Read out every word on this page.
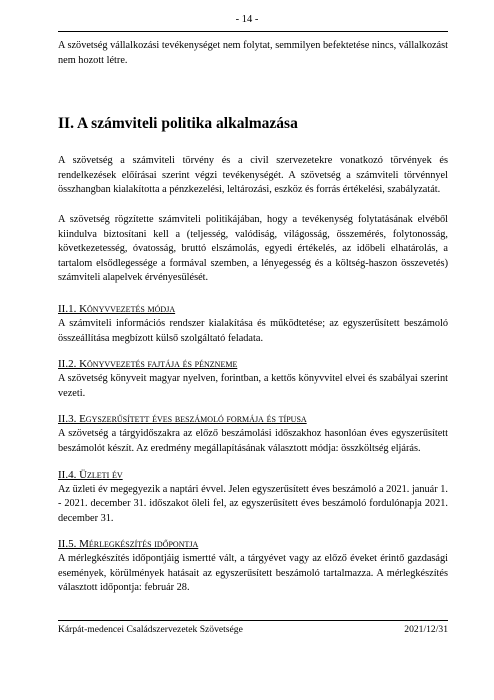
- 14 -

A szövetség vállalkozási tevékenységet nem folytat, semmilyen befektetése nincs, vállalkozást nem hozott létre.

II. A számviteli politika alkalmazása

A szövetség a számviteli törvény és a civil szervezetekre vonatkozó törvények és rendelkezések előírásai szerint végzi tevékenységét. A szövetség a számviteli törvénnyel összhangban kialakította a pénzkezelési, leltározási, eszköz és forrás értékelési, szabályzatát.

A szövetség rögzítette számviteli politikájában, hogy a tevékenység folytatásának elvéből kiindulva biztosítani kell a (teljesség, valódiság, világosság, összemérés, folytonosság, következetesség, óvatosság, bruttó elszámolás, egyedi értékelés, az időbeli elhatárolás, a tartalom elsődlegessége a formával szemben, a lényegesség és a költség-haszon összevetés) számviteli alapelvek érvényesülését.

II.1. Könyvvezetés módja

A számviteli információs rendszer kialakítása és működtetése; az egyszerűsített beszámoló összeállítása megbízott külső szolgáltató feladata.

II.2. Könyvvezetés fajtája és pénzneme

A szövetség könyveit magyar nyelven, forintban, a kettős könyvvitel elvei és szabályai szerint vezeti.

II.3. Egyszerűsített éves beszámoló formája és típusa

A szövetség a tárgyidőszakra az előző beszámolási időszakhoz hasonlóan éves egyszerűsített beszámolót készít. Az eredmény megállapításának választott módja: összköltség eljárás.

II.4. Üzleti év

Az üzleti év megegyezik a naptári évvel. Jelen egyszerűsített éves beszámoló a 2021. január 1. - 2021. december 31. időszakot öleli fel, az egyszerűsített éves beszámoló fordulónapja 2021. december 31.

II.5. Mérlegkészítés időpontja

A mérlegkészítés időpontjáig ismertté vált, a tárgyévet vagy az előző éveket érintő gazdasági események, körülmények hatásait az egyszerűsített beszámoló tartalmazza. A mérlegkészítés választott időpontja: február 28.

Kárpát-medencei Családszervezetek Szövetsége	2021/12/31
